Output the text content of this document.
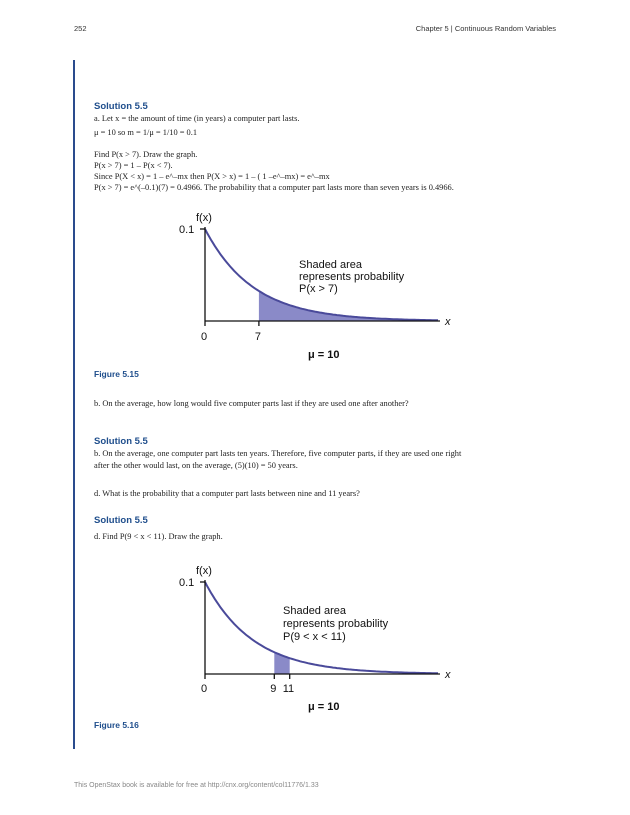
252	Chapter 5 | Continuous Random Variables
Solution 5.5
a. Let x = the amount of time (in years) a computer part lasts.
μ = 10 so m = 1/μ = 1/10 = 0.1
Find P(x > 7). Draw the graph.
P(x > 7) = 1 – P(x < 7).
Since P(X < x) = 1 – e^–mx then P(X > x) = 1 – ( 1 –e^–mx) = e^–mx
P(x > 7) = e^(–0.1)(7) = 0.4966. The probability that a computer part lasts more than seven years is 0.4966.
f(x)
0.1
x
0	7
Shaded area
represents probability
P(x > 7)
μ = 10
Figure 5.15
b. On the average, how long would five computer parts last if they are used one after another?
Solution 5.5
b. On the average, one computer part lasts ten years. Therefore, five computer parts, if they are used one right
after the other would last, on the average, (5)(10) = 50 years.
d. What is the probability that a computer part lasts between nine and 11 years?
Solution 5.5
d. Find P(9 < x < 11). Draw the graph.
f(x)
0.1
x
0	9 11
Shaded area
represents probability
P(9 < x < 11)
μ = 10
Figure 5.16
This OpenStax book is available for free at http://cnx.org/content/col11776/1.33
